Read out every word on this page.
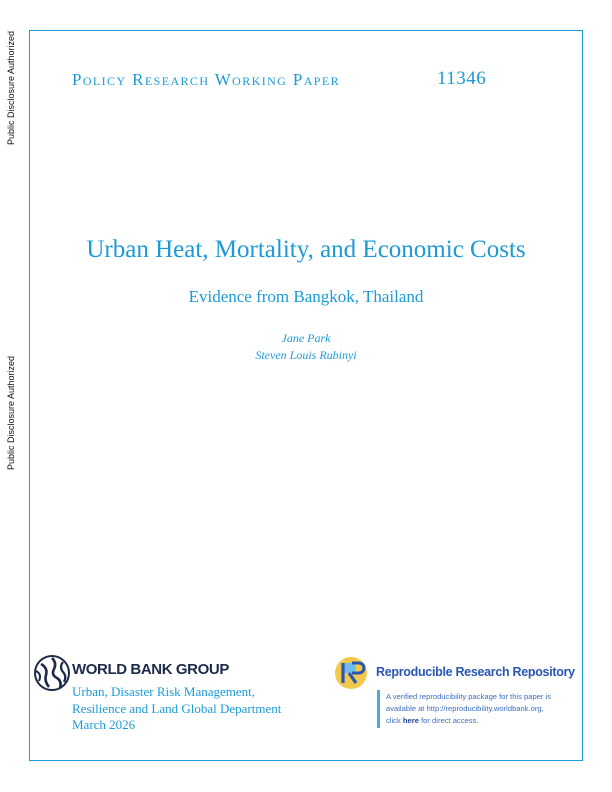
Public Disclosure Authorized
Public Disclosure Authorized
Policy Research Working Paper	11346
Urban Heat, Mortality, and Economic Costs
Evidence from Bangkok, Thailand
Jane Park
Steven Louis Rubinyi
WORLD BANK GROUP
Urban, Disaster Risk Management,
Resilience and Land Global Department
March 2026
Reproducible Research Repository
A verified reproducibility package for this paper is
available at http://reproducibility.worldbank.org,
click here for direct access.
